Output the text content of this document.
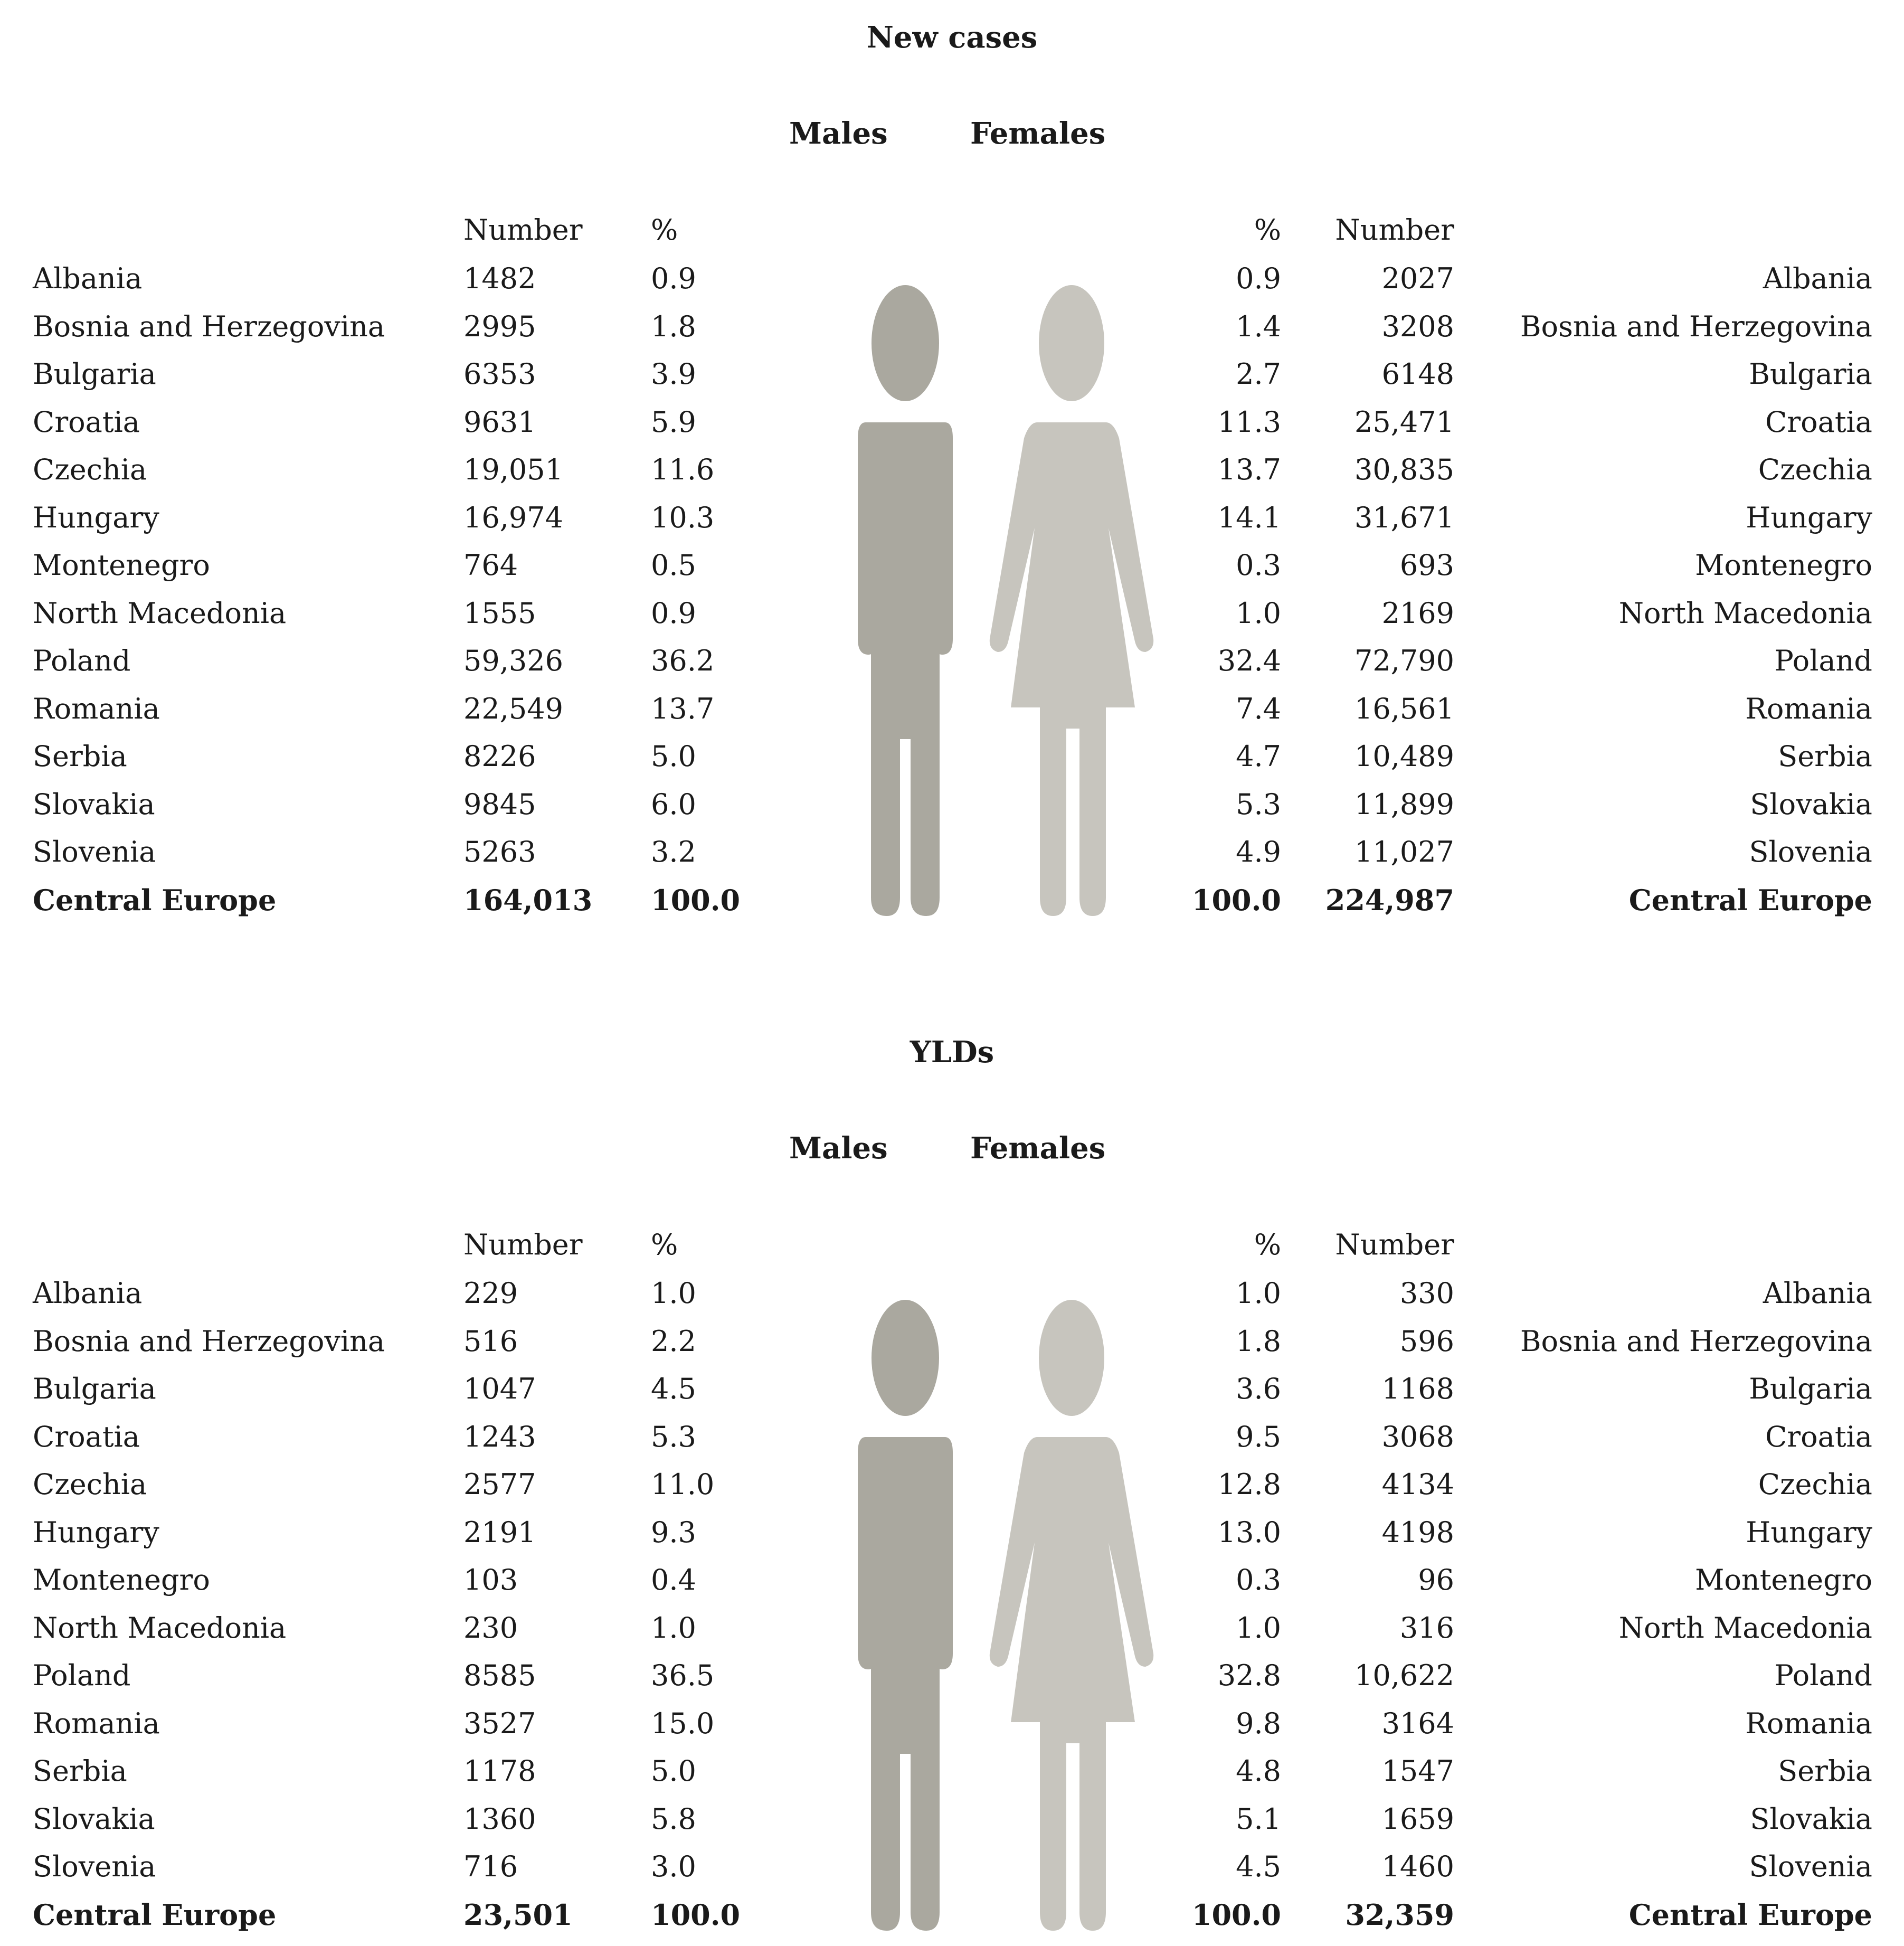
New cases
Males	Females
Number %	% Number
Albania	1482	0.9	0.9	2027	Albania
Bosnia and Herzegovina	2995	1.8	1.4	3208 Bosnia and Herzegovina
Bulgaria	6353	3.9	2.7	6148	Bulgaria
Croatia	9631	5.9	11.3	25,471	Croatia
Czechia	19,051	11.6	13.7	30,835	Czechia
Hungary	16,974	10.3	14.1	31,671	Hungary
Montenegro	764	0.5	0.3	693	Montenegro
North Macedonia	1555	0.9	1.0	2169	North Macedonia
Poland	59,326	36.2	32.4	72,790	Poland
Romania	22,549	13.7	7.4	16,561	Romania
Serbia	8226	5.0	4.7	10,489	Serbia
Slovakia	9845	6.0	5.3	11,899	Slovakia
Slovenia	5263	3.2	4.9	11,027	Slovenia
Central Europe	164,013 100.0	100.0 224,987	Central Europe
YLDs
Males	Females
Number %	% Number
Albania	229	1.0	1.0	330	Albania
Bosnia and Herzegovina	516	2.2	1.8	596 Bosnia and Herzegovina
Bulgaria	1047	4.5	3.6	1168	Bulgaria
Croatia	1243	5.3	9.5	3068	Croatia
Czechia	2577	11.0	12.8	4134	Czechia
Hungary	2191	9.3	13.0	4198	Hungary
Montenegro	103	0.4	0.3	96	Montenegro
North Macedonia	230	1.0	1.0	316	North Macedonia
Poland	8585	36.5	32.8	10,622	Poland
Romania	3527	15.0	9.8	3164	Romania
Serbia	1178	5.0	4.8	1547	Serbia
Slovakia	1360	5.8	5.1	1659	Slovakia
Slovenia	716	3.0	4.5	1460	Slovenia
Central Europe	23,501	100.0	100.0 32,359	Central Europe
